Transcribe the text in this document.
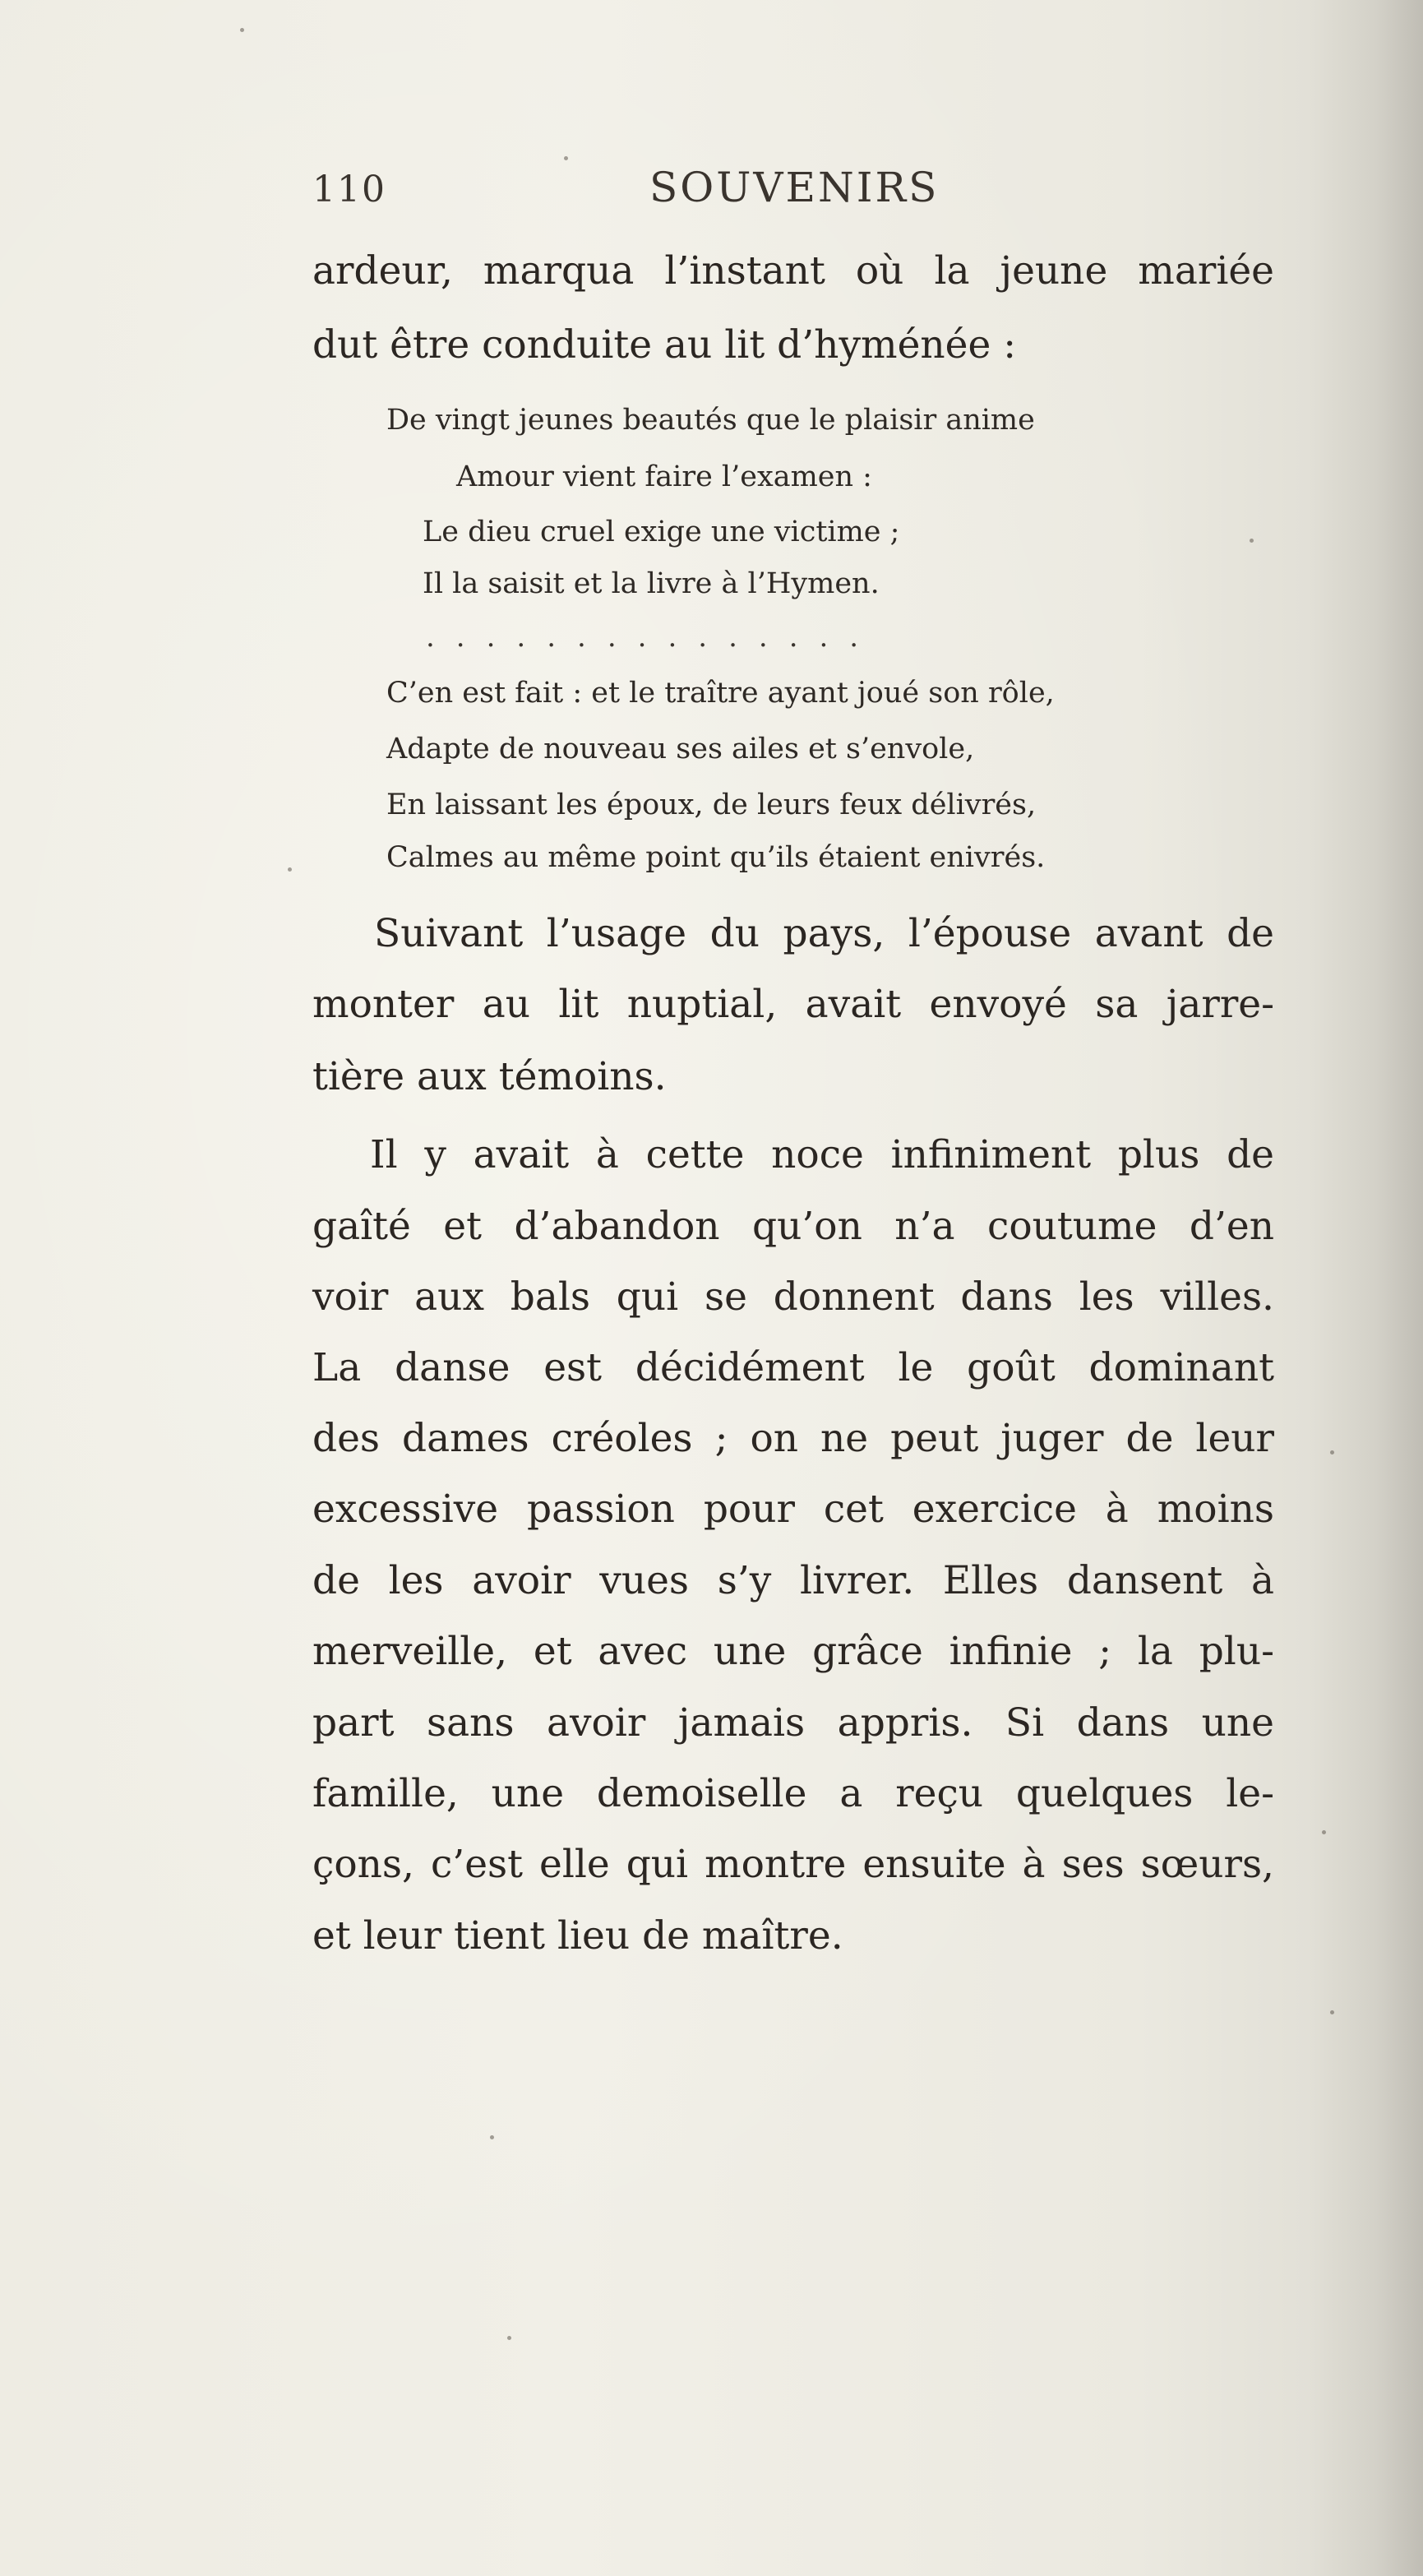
110	SOUVENIRS
ardeur, marqua l’instant où la jeune mariée
dut être conduite au lit d’hyménée :
De vingt jeunes beautés que le plaisir anime
Amour vient faire l’examen :
Le dieu cruel exige une victime ;
Il la saisit et la livre à l’Hymen.
...............
C’en est fait : et le traître ayant joué son rôle,
Adapte de nouveau ses ailes et s’envole,
En laissant les époux, de leurs feux délivrés,
Calmes au même point qu’ils étaient enivrés.
Suivant l’usage du pays, l’épouse avant de
monter au lit nuptial, avait envoyé sa jarre-
tière aux témoins.
Il y avait à cette noce infiniment plus de
gaîté et d’abandon qu’on n’a coutume d’en
voir aux bals qui se donnent dans les villes.
La danse est décidément le goût dominant
des dames créoles ; on ne peut juger de leur
excessive passion pour cet exercice à moins
de les avoir vues s’y livrer. Elles dansent à
merveille, et avec une grâce infinie ; la plu-
part sans avoir jamais appris. Si dans une
famille, une demoiselle a reçu quelques le-
çons, c’est elle qui montre ensuite à ses sœurs,
et leur tient lieu de maître.
